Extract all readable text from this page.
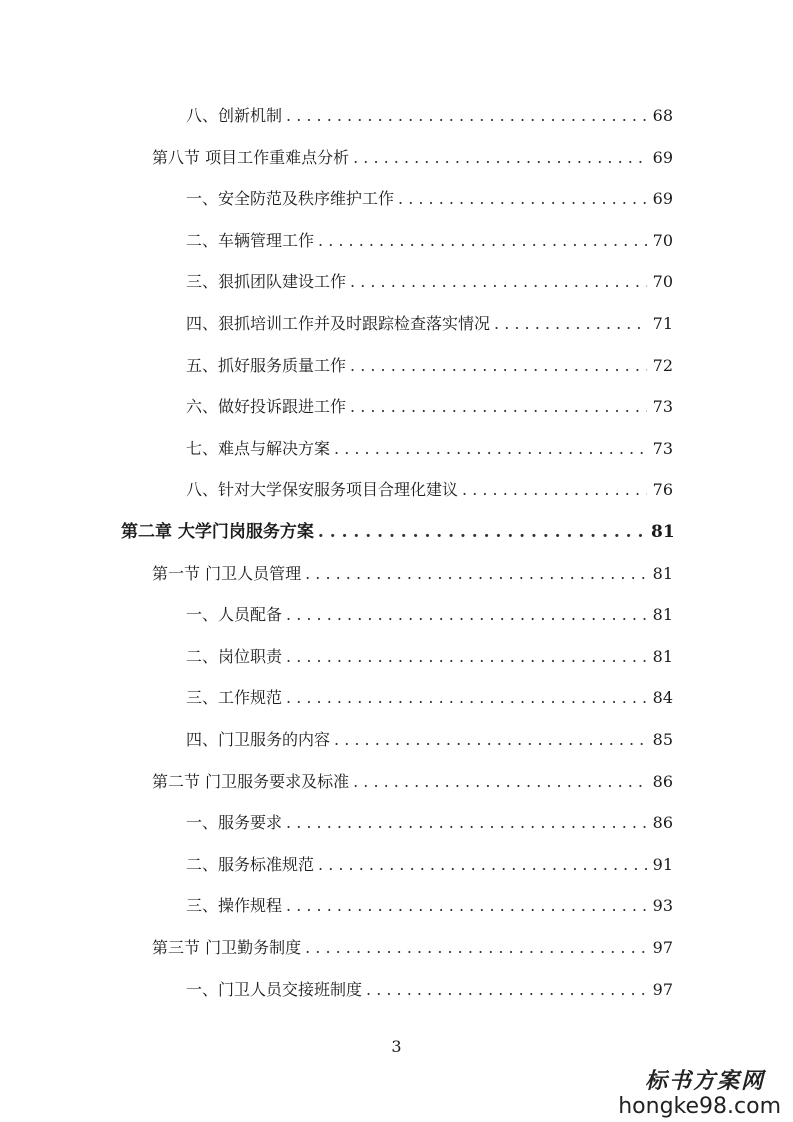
八、创新机制 . . .	68
第八节 项目工作重难点分析 . . .	69
一、安全防范及秩序维护工作 . . .	69
二、车辆管理工作 . . .	70
三、狠抓团队建设工作 . . .	70
四、狠抓培训工作并及时跟踪检查落实情况 . . .	71
五、抓好服务质量工作 . . .	72
六、做好投诉跟进工作 . . .	73
七、难点与解决方案 . . .	73
八、针对大学保安服务项目合理化建议 . . .	76
第二章 大学门岗服务方案 . . .	81
第一节 门卫人员管理 . . .	81
一、人员配备 . . .	81
二、岗位职责 . . .	81
三、工作规范 . . .	84
四、门卫服务的内容 . . .	85
第二节 门卫服务要求及标准 . . .	86
一、服务要求 . . .	86
二、服务标准规范 . . .	91
三、操作规程 . . .	93
第三节 门卫勤务制度 . . .	97
一、门卫人员交接班制度 . . .	97
3
标书方案网
hongke98.com
